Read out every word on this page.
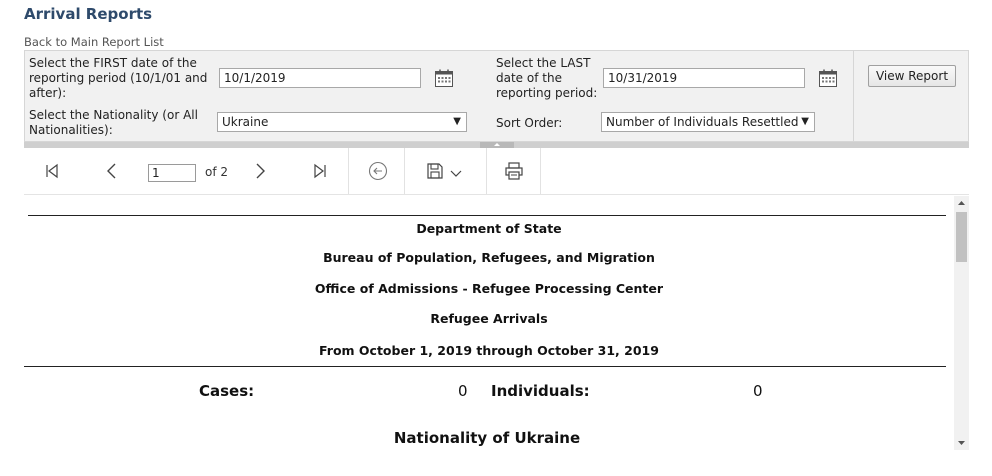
Arrival Reports
Back to Main Report List
Select the FIRST date of the reporting period (10/1/01 and after):
10/1/2019
Select the LAST date of the reporting period:
10/31/2019
Select the Nationality (or All Nationalities):
Ukraine	▼	Sort Order:	Number of Individuals Resettled ▼
View Report
1	of 2
Department of State
Bureau of Population, Refugees, and Migration
Office of Admissions - Refugee Processing Center
Refugee Arrivals
From October 1, 2019 through October 31, 2019
Cases:	0 Individuals:	0
Nationality of Ukraine
